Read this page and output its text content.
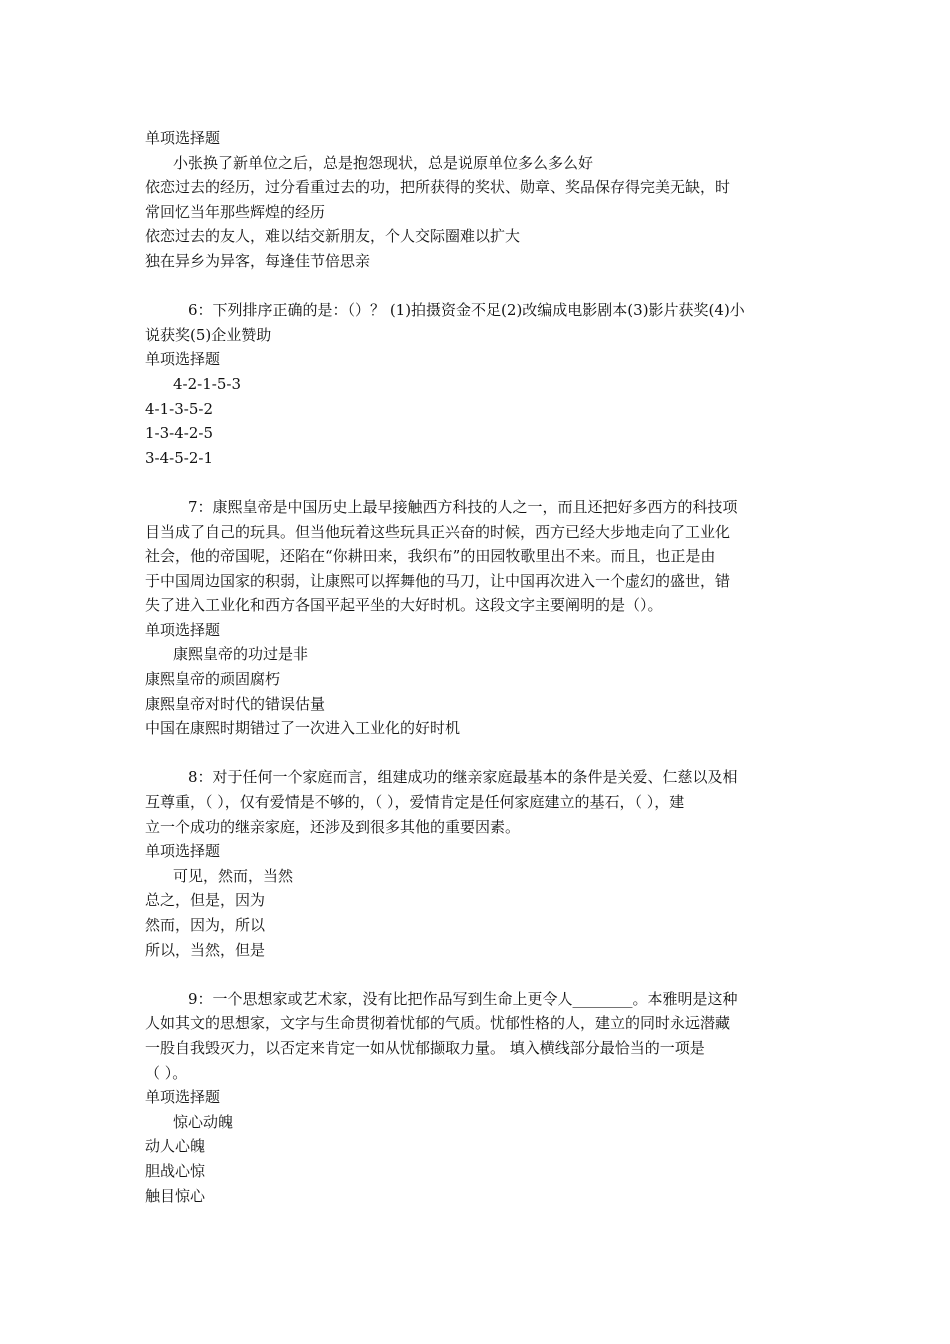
单项选择题
小张换了新单位之后，总是抱怨现状，总是说原单位多么多么好
依恋过去的经历，过分看重过去的功，把所获得的奖状、勋章、奖品保存得完美无缺，时
常回忆当年那些辉煌的经历
依恋过去的友人，难以结交新朋友，个人交际圈难以扩大
独在异乡为异客，每逢佳节倍思亲
6：下列排序正确的是：（）？ (1)拍摄资金不足(2)改编成电影剧本(3)影片获奖(4)小
说获奖(5)企业赞助
单项选择题
4-2-1-5-3
4-1-3-5-2
1-3-4-2-5
3-4-5-2-1
7：康熙皇帝是中国历史上最早接触西方科技的人之一，而且还把好多西方的科技项
目当成了自己的玩具。但当他玩着这些玩具正兴奋的时候，西方已经大步地走向了工业化
社会，他的帝国呢，还陷在“你耕田来，我织布”的田园牧歌里出不来。而且，也正是由
于中国周边国家的积弱，让康熙可以挥舞他的马刀，让中国再次进入一个虚幻的盛世，错
失了进入工业化和西方各国平起平坐的大好时机。这段文字主要阐明的是（）。
单项选择题
康熙皇帝的功过是非
康熙皇帝的顽固腐朽
康熙皇帝对时代的错误估量
中国在康熙时期错过了一次进入工业化的好时机
8：对于任何一个家庭而言，组建成功的继亲家庭最基本的条件是关爱、仁慈以及相
互尊重，（ ），仅有爱情是不够的，（ ），爱情肯定是任何家庭建立的基石，（ ），建
立一个成功的继亲家庭，还涉及到很多其他的重要因素。
单项选择题
可见，然而，当然
总之，但是，因为
然而，因为，所以
所以，当然，但是
9：一个思想家或艺术家，没有比把作品写到生命上更令人________。本雅明是这种
人如其文的思想家，文字与生命贯彻着忧郁的气质。忧郁性格的人，建立的同时永远潜藏
一股自我毁灭力，以否定来肯定一如从忧郁撷取力量。 填入横线部分最恰当的一项是
（ ）。
单项选择题
惊心动魄
动人心魄
胆战心惊
触目惊心
